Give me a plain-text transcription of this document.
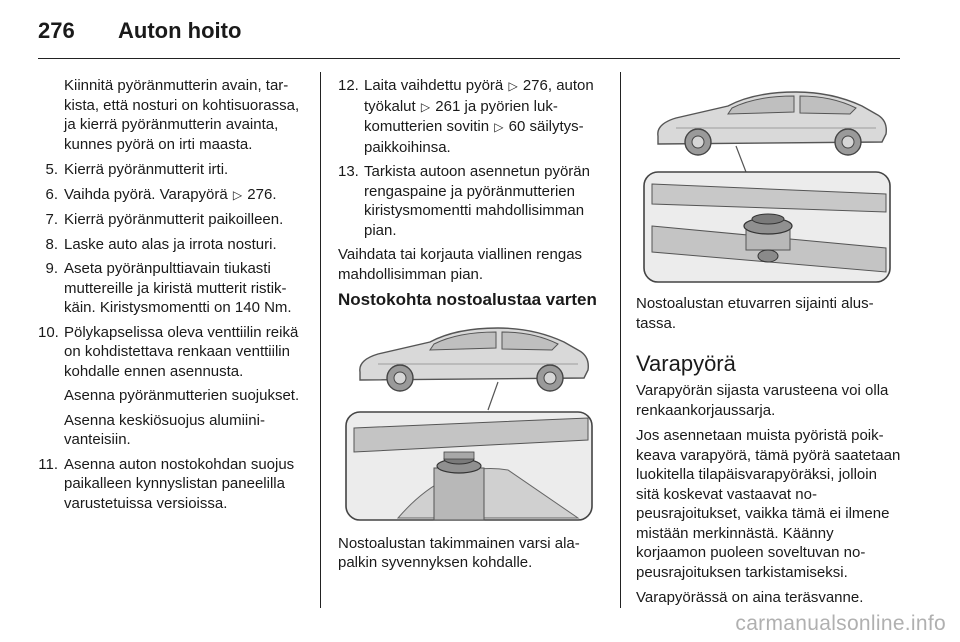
276 Auton hoito

Kiinnitä pyöränmutterin avain, tarkista, että nosturi on kohtisuorassa, ja kierrä pyöränmutterin avainta, kunnes pyörä on irti maasta.

5. Kierrä pyöränmutterit irti.

6. Vaihda pyörä. Varapyörä ▷ 276.

7. Kierrä pyöränmutterit paikoilleen.

8. Laske auto alas ja irrota nosturi.

9. Aseta pyöränpulttiavain tiukasti muttereille ja kiristä mutterit ristikkäin. Kiristysmomentti on 140 Nm.

10. Pölykapselissa oleva venttiilin reikä on kohdistettava renkaan venttiilin kohdalle ennen asennusta.

Asenna pyöränmutterien suojukset.

Asenna keskiösuojus alumiinivanteisiin.

11. Asenna auton nostokohdan suojus paikalleen kynnyslistan paneelilla varustetuissa versioissa.

12. Laita vaihdettu pyörä ▷ 276, auton työkalut ▷ 261 ja pyörien lukkomutterien sovitin ▷ 60 säilytyspaikkoihinsa.

13. Tarkista autoon asennetun pyörän rengaspaine ja pyöränmutterien kiristysmomentti mahdollisimman pian.

Vaihdata tai korjauta viallinen rengas mahdollisimman pian.

Nostokohta nostoalustaa varten
Nostoalustan takimmainen varsi alapalkin syvennyksen kohdalle.
Nostoalustan etuvarren sijainti alustassa.
Varapyörä

Varapyörän sijasta varusteena voi olla renkaankorjaussarja.

Jos asennetaan muista pyöristä poikkeava varapyörä, tämä pyörä saatetaan luokitella tilapäisvarapyöräksi, jolloin sitä koskevat vastaavat nopeusrajoitukset, vaikka tämä ei ilmene mistään merkinnästä. Käänny korjaamon puoleen soveltuvan nopeusrajoituksen tarkistamiseksi.

Varapyörässä on aina teräsvanne.

carmanualsonline.info
